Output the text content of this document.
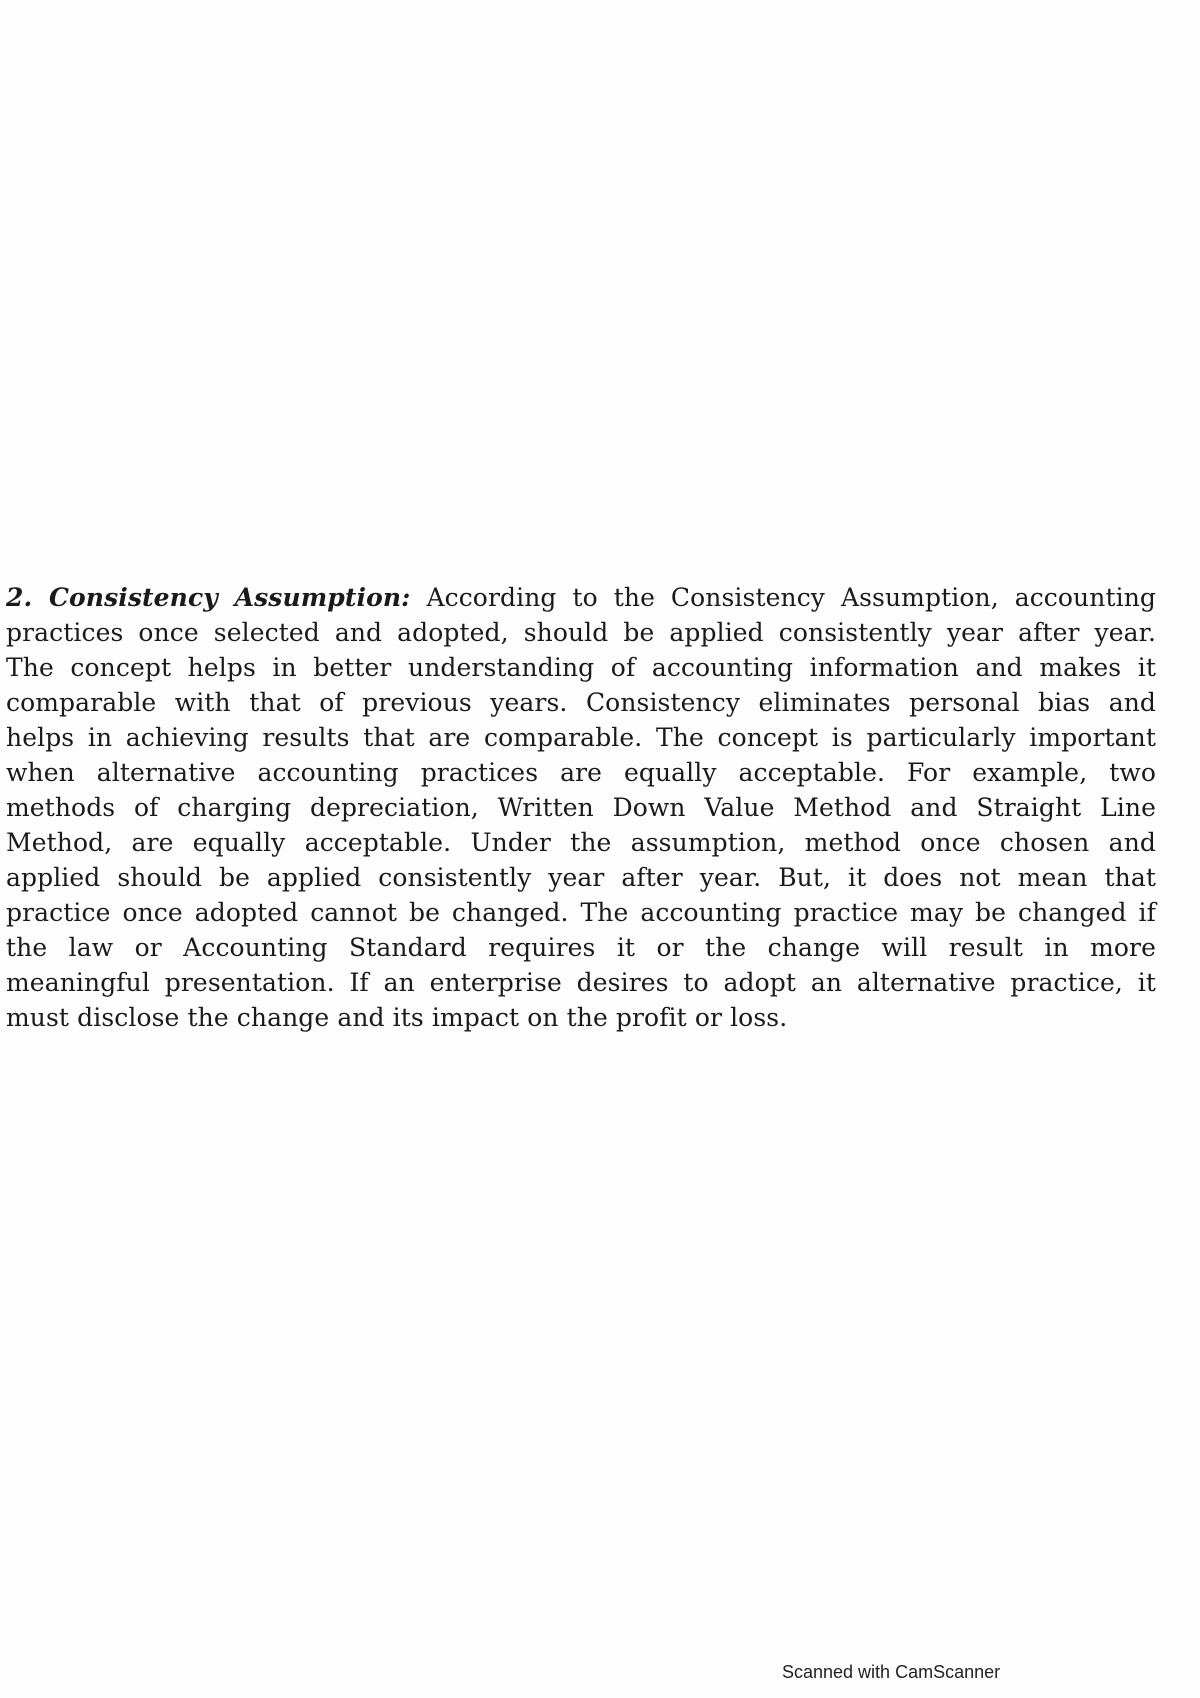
2. Consistency Assumption: According to the Consistency Assumption, accounting
practices once selected and adopted, should be applied consistently year after year.
The concept helps in better understanding of accounting information and makes it
comparable with that of previous years. Consistency eliminates personal bias and
helps in achieving results that are comparable. The concept is particularly important
when alternative accounting practices are equally acceptable. For example, two
methods of charging depreciation, Written Down Value Method and Straight Line
Method, are equally acceptable. Under the assumption, method once chosen and
applied should be applied consistently year after year. But, it does not mean that
practice once adopted cannot be changed. The accounting practice may be changed if
the law or Accounting Standard requires it or the change will result in more
meaningful presentation. If an enterprise desires to adopt an alternative practice, it
must disclose the change and its impact on the profit or loss.
Scanned with CamScanner
